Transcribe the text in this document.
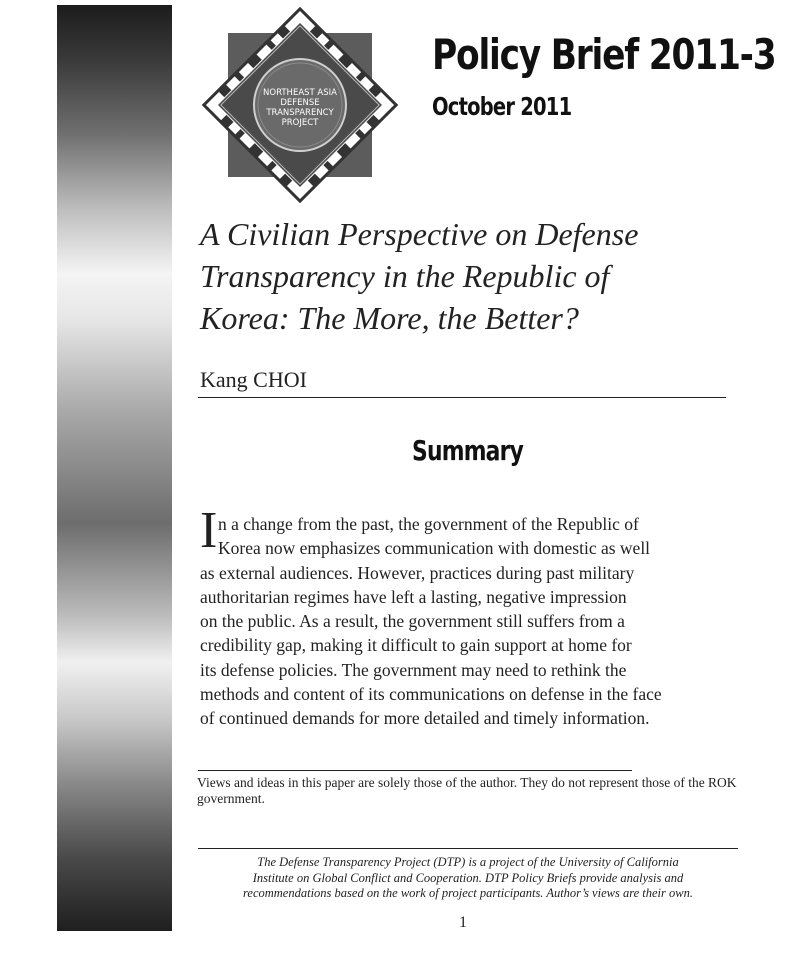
NORTHEAST ASIA
DEFENSE
TRANSPARENCY
PROJECT
Policy Brief 2011-3
October 2011
A Civilian Perspective on Defense
Transparency in the Republic of
Korea: The More, the Better?
Kang CHOI
Summary
I n a change from the past, the government of the Republic of
Korea now emphasizes communication with domestic as well
as external audiences. However, practices during past military
authoritarian regimes have left a lasting, negative impression
on the public. As a result, the government still suffers from a
credibility gap, making it difficult to gain support at home for
its defense policies. The government may need to rethink the
methods and content of its communications on defense in the face
of continued demands for more detailed and timely information.
Views and ideas in this paper are solely those of the author. They do not represent those of the ROK government.
The Defense Transparency Project (DTP) is a project of the University of California
Institute on Global Conflict and Cooperation. DTP Policy Briefs provide analysis and
recommendations based on the work of project participants. Author’s views are their own.
1
